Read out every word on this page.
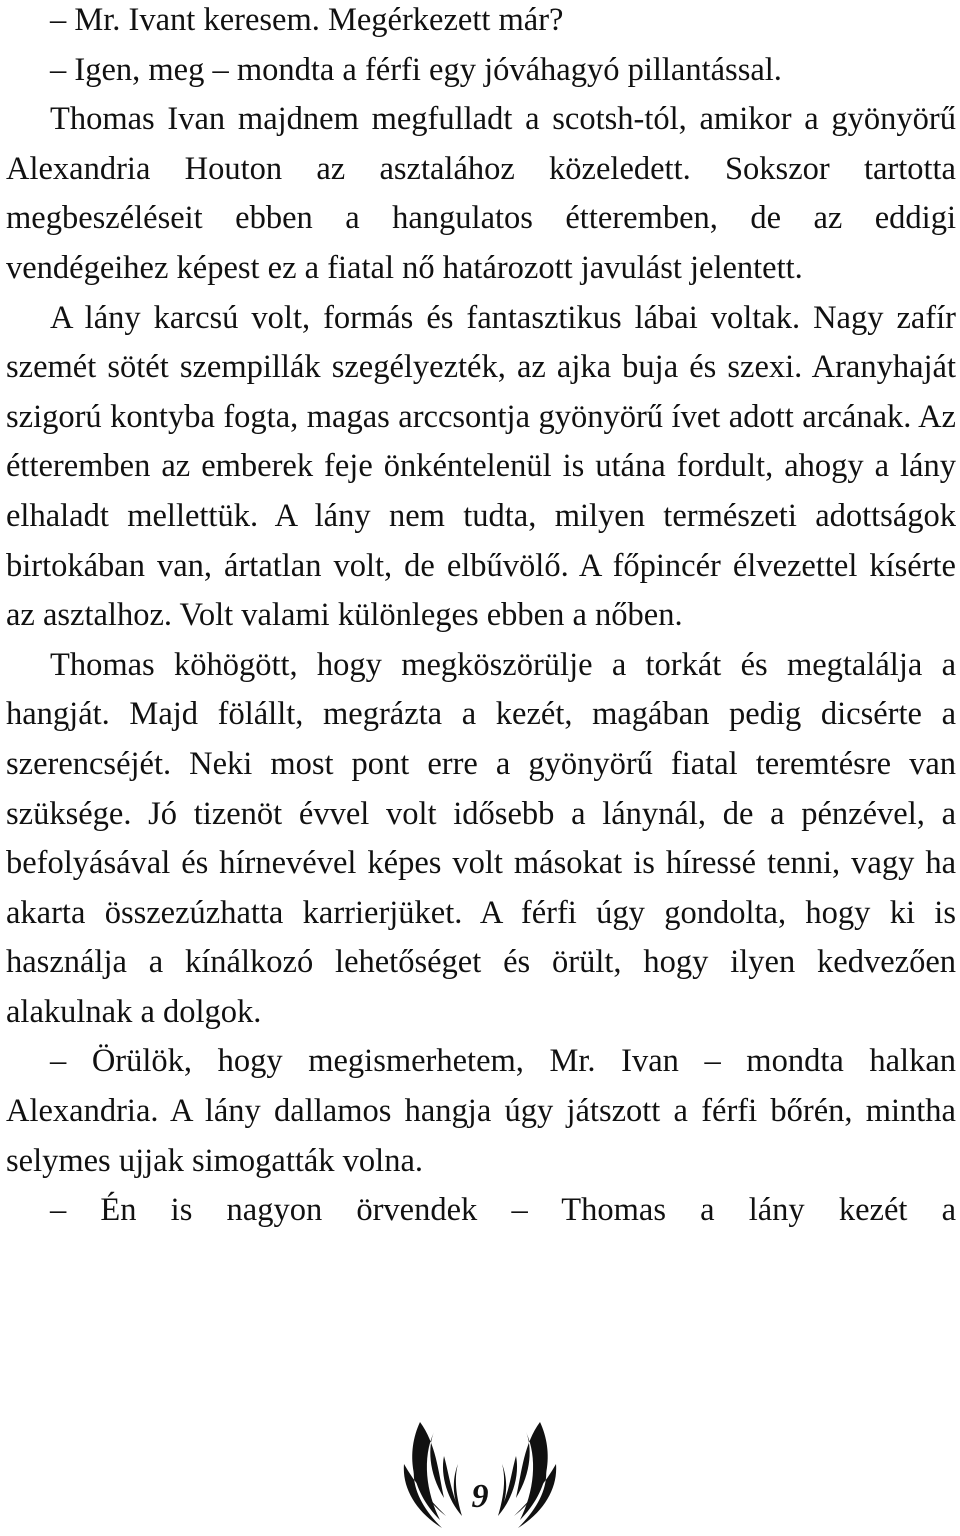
– Mr. Ivant keresem. Megérkezett már?

– Igen, meg – mondta a férfi egy jóváhagyó pillantással.

Thomas Ivan majdnem megfulladt a scotsh-tól, amikor a gyönyörű Alexandria Houton az asztalához közeledett. Sokszor tartotta megbeszéléseit ebben a hangulatos étteremben, de az eddigi vendégeihez képest ez a fiatal nő határozott javulást jelentett.

A lány karcsú volt, formás és fantasztikus lábai voltak. Nagy zafír szemét sötét szempillák szegélyezték, az ajka buja és szexi. Aranyhaját szigorú kontyba fogta, magas arccsontja gyönyörű ívet adott arcának. Az étteremben az emberek feje önkéntelenül is utána fordult, ahogy a lány elhaladt mellettük. A lány nem tudta, milyen természeti adottságok birtokában van, ártatlan volt, de elbűvölő. A főpincér élvezettel kísérte az asztalhoz. Volt valami különleges ebben a nőben.

Thomas köhögött, hogy megköszörülje a torkát és megtalálja a hangját. Majd fölállt, megrázta a kezét, magában pedig dicsérte a szerencséjét. Neki most pont erre a gyönyörű fiatal teremtésre van szüksége. Jó tizenöt évvel volt idősebb a lánynál, de a pénzével, a befolyásával és hírnevével képes volt másokat is híressé tenni, vagy ha akarta összezúzhatta karrierjüket. A férfi úgy gondolta, hogy ki is használja a kínálkozó lehetőséget és örült, hogy ilyen kedvezően alakulnak a dolgok.

– Örülök, hogy megismerhetem, Mr. Ivan – mondta halkan Alexandria. A lány dallamos hangja úgy játszott a férfi bőrén, mintha selymes ujjak simogatták volna.

– Én is nagyon örvendek – Thomas a lány kezét a

9
